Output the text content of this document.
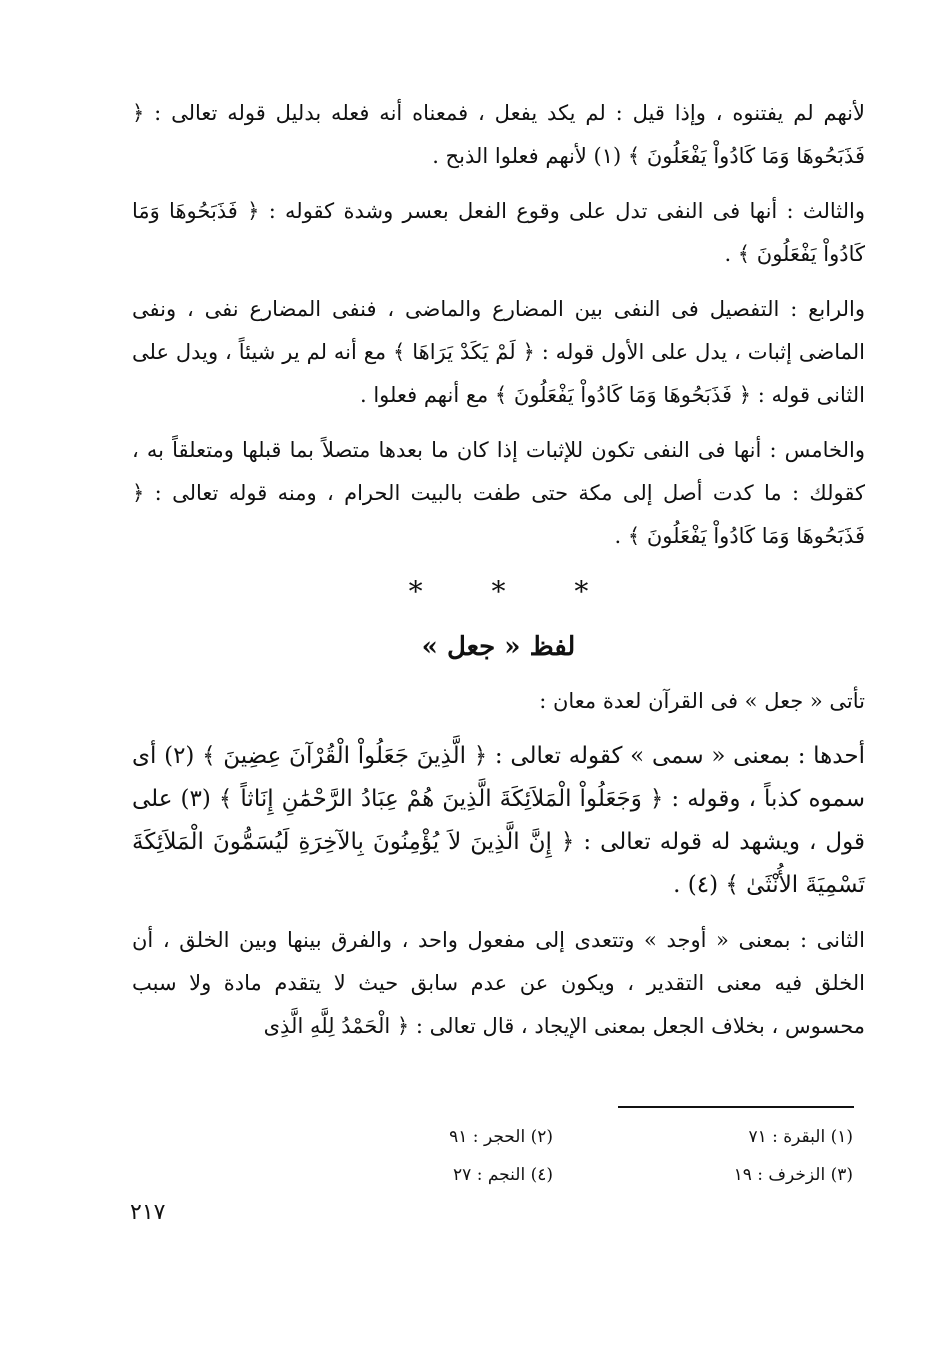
لأنهم لم يفتنوه ، وإذا قيل : لم يكد يفعل ، فمعناه أنه فعله بدليل قوله تعالى : ﴿ فَذَبَحُوهَا وَمَا كَادُواْ يَفْعَلُونَ ﴾ (١) لأنهم فعلوا الذبح .

والثالث : أنها فى النفى تدل على وقوع الفعل بعسر وشدة كقوله : ﴿ فَذَبَحُوهَا وَمَا كَادُواْ يَفْعَلُونَ ﴾ .

والرابع : التفصيل فى النفى بين المضارع والماضى ، فنفى المضارع نفى ، ونفى الماضى إثبات ، يدل على الأول قوله : ﴿ لَمْ يَكَدْ يَرَاهَا ﴾ مع أنه لم ير شيئاً ، ويدل على الثانى قوله : ﴿ فَذَبَحُوهَا وَمَا كَادُواْ يَفْعَلُونَ ﴾ مع أنهم فعلوا .

والخامس : أنها فى النفى تكون للإثبات إذا كان ما بعدها متصلاً بما قبلها ومتعلقاً به ، كقولك : ما كدت أصل إلى مكة حتى طفت بالبيت الحرام ، ومنه قوله تعالى : ﴿ فَذَبَحُوهَا وَمَا كَادُواْ يَفْعَلُونَ ﴾ .

* * *
لفظ « جعل »

تأتى « جعل » فى القرآن لعدة معان :

أحدها : بمعنى « سمى » كقوله تعالى : ﴿ الَّذِينَ جَعَلُواْ الْقُرْآنَ عِضِينَ ﴾ (٢) أى سموه كذباً ، وقوله : ﴿ وَجَعَلُواْ الْمَلاَئِكَةَ الَّذِينَ هُمْ عِبَادُ الرَّحْمَٰنِ إِنَاثاً ﴾ (٣) على قول ، ويشهد له قوله تعالى : ﴿ إِنَّ الَّذِينَ لاَ يُؤْمِنُونَ بِالآخِرَةِ لَيُسَمُّونَ الْمَلاَئِكَةَ تَسْمِيَةَ الأُنْثَىٰ ﴾ (٤) .

الثانى : بمعنى « أوجد » وتتعدى إلى مفعول واحد ، والفرق بينها وبين الخلق ، أن الخلق فيه معنى التقدير ، ويكون عن عدم سابق حيث لا يتقدم مادة ولا سبب محسوس ، بخلاف الجعل بمعنى الإيجاد ، قال تعالى : ﴿ الْحَمْدُ لِلَّهِ الَّذِى

(١) البقرة : ٧١
(٢) الحجر : ٩١
(٣) الزخرف : ١٩
(٤) النجم : ٢٧
٢١٧
